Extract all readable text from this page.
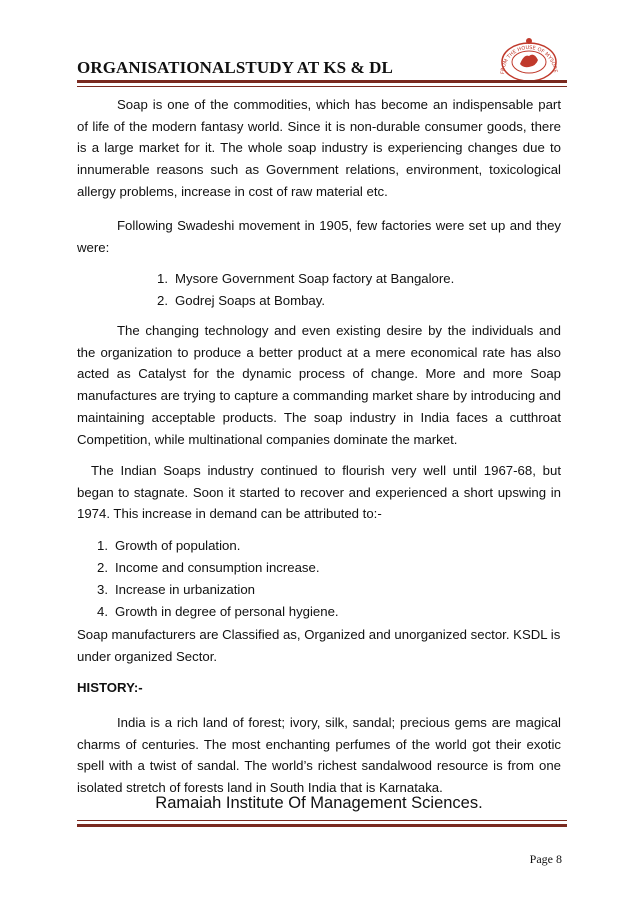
ORGANISATIONALSTUDY AT KS & DL	FROM THE HOUSE OF MYSORE
Soap is one of the commodities, which has become an indispensable part of life of the modern fantasy world. Since it is non-durable consumer goods, there is a large market for it. The whole soap industry is experiencing changes due to innumerable reasons such as Government relations, environment, toxicological allergy problems, increase in cost of raw material etc.
Following Swadeshi movement in 1905, few factories were set up and they were:
1. Mysore Government Soap factory at Bangalore.
2. Godrej Soaps at Bombay.
The changing technology and even existing desire by the individuals and the organization to produce a better product at a mere economical rate has also acted as Catalyst for the dynamic process of change. More and more Soap manufactures are trying to capture a commanding market share by introducing and maintaining acceptable products. The soap industry in India faces a cutthroat Competition, while multinational companies dominate the market.
The Indian Soaps industry continued to flourish very well until 1967-68, but began to stagnate. Soon it started to recover and experienced a short upswing in 1974. This increase in demand can be attributed to:-
1. Growth of population.
2. Income and consumption increase.
3. Increase in urbanization
4. Growth in degree of personal hygiene.
Soap manufacturers are Classified as, Organized and unorganized sector. KSDL is under organized Sector.
HISTORY:-
India is a rich land of forest; ivory, silk, sandal; precious gems are magical charms of centuries. The most enchanting perfumes of the world got their exotic spell with a twist of sandal. The world’s richest sandalwood resource is from one isolated stretch of forests land in South India that is Karnataka.
Ramaiah Institute Of Management Sciences.
Page 8
